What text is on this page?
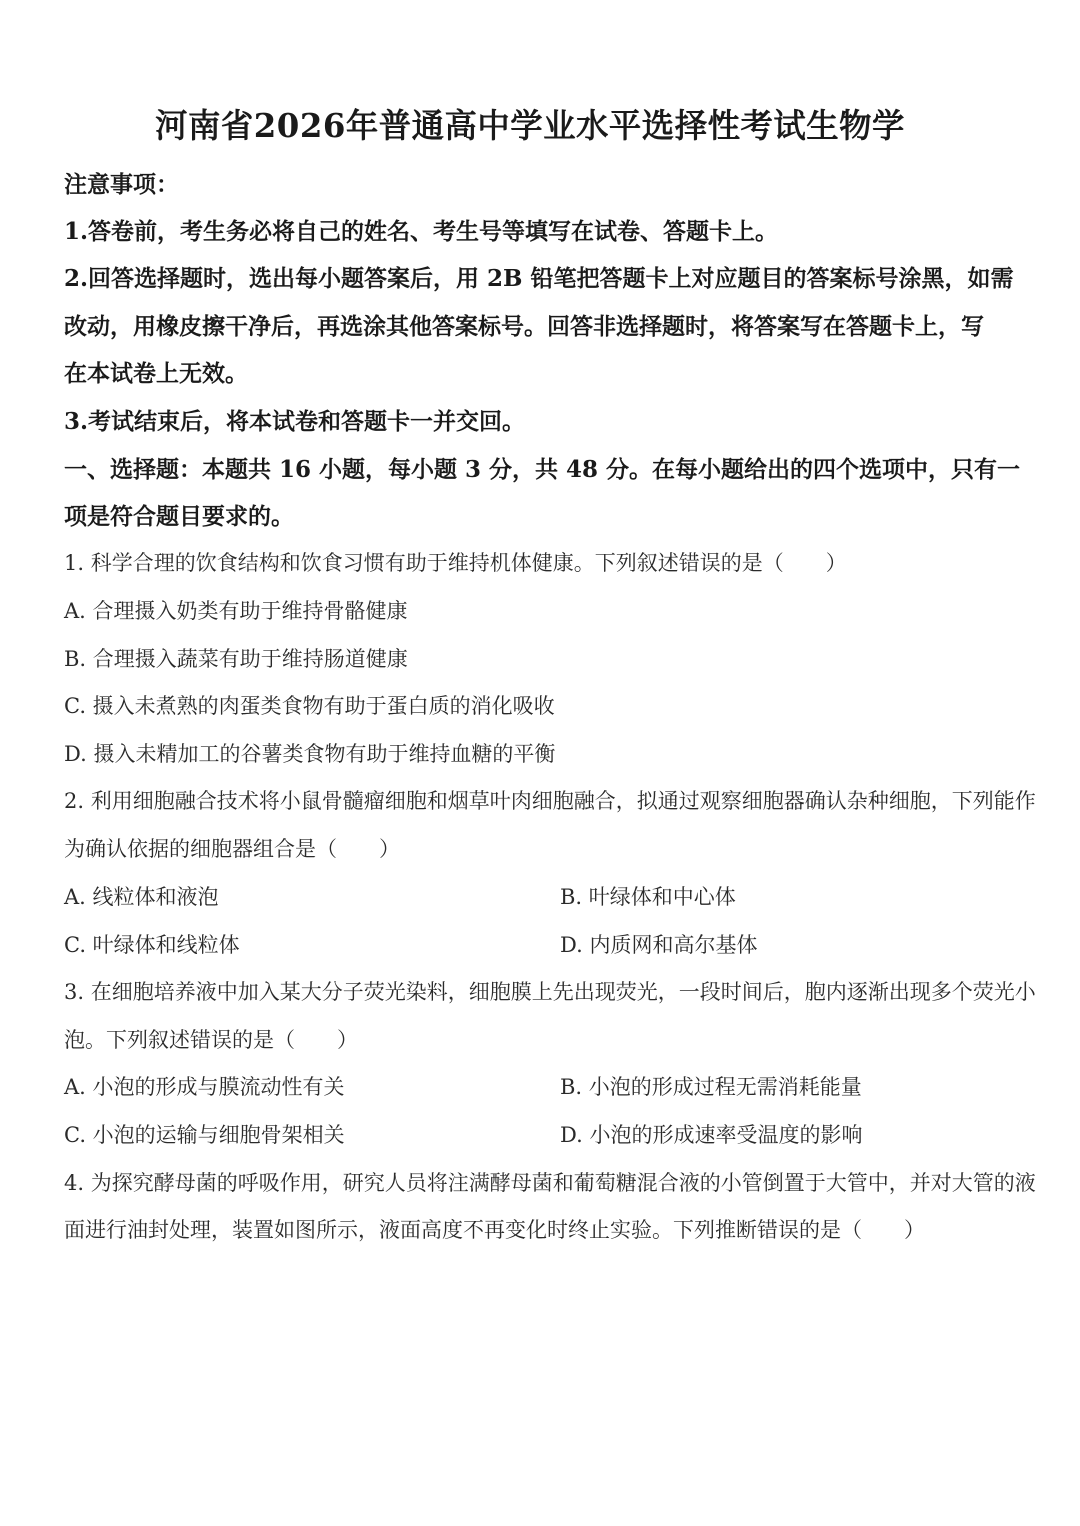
河南省2026年普通高中学业水平选择性考试生物学
注意事项：
1.答卷前，考生务必将自己的姓名、考生号等填写在试卷、答题卡上。
2.回答选择题时，选出每小题答案后，用 2B 铅笔把答题卡上对应题目的答案标号涂黑，如需
改动，用橡皮擦干净后，再选涂其他答案标号。回答非选择题时，将答案写在答题卡上，写
在本试卷上无效。
3.考试结束后，将本试卷和答题卡一并交回。
一、选择题：本题共 16 小题，每小题 3 分，共 48 分。在每小题给出的四个选项中，只有一
项是符合题目要求的。
1. 科学合理的饮食结构和饮食习惯有助于维持机体健康。下列叙述错误的是（　　）
A. 合理摄入奶类有助于维持骨骼健康
B. 合理摄入蔬菜有助于维持肠道健康
C. 摄入未煮熟的肉蛋类食物有助于蛋白质的消化吸收
D. 摄入未精加工的谷薯类食物有助于维持血糖的平衡
2. 利用细胞融合技术将小鼠骨髓瘤细胞和烟草叶肉细胞融合，拟通过观察细胞器确认杂种细胞，下列能作
为确认依据的细胞器组合是（　　）
A. 线粒体和液泡	B. 叶绿体和中心体
C. 叶绿体和线粒体	D. 内质网和高尔基体
3. 在细胞培养液中加入某大分子荧光染料，细胞膜上先出现荧光，一段时间后，胞内逐渐出现多个荧光小
泡。下列叙述错误的是（　　）
A. 小泡的形成与膜流动性有关	B. 小泡的形成过程无需消耗能量
C. 小泡的运输与细胞骨架相关	D. 小泡的形成速率受温度的影响
4. 为探究酵母菌的呼吸作用，研究人员将注满酵母菌和葡萄糖混合液的小管倒置于大管中，并对大管的液
面进行油封处理，装置如图所示，液面高度不再变化时终止实验。下列推断错误的是（　　）
